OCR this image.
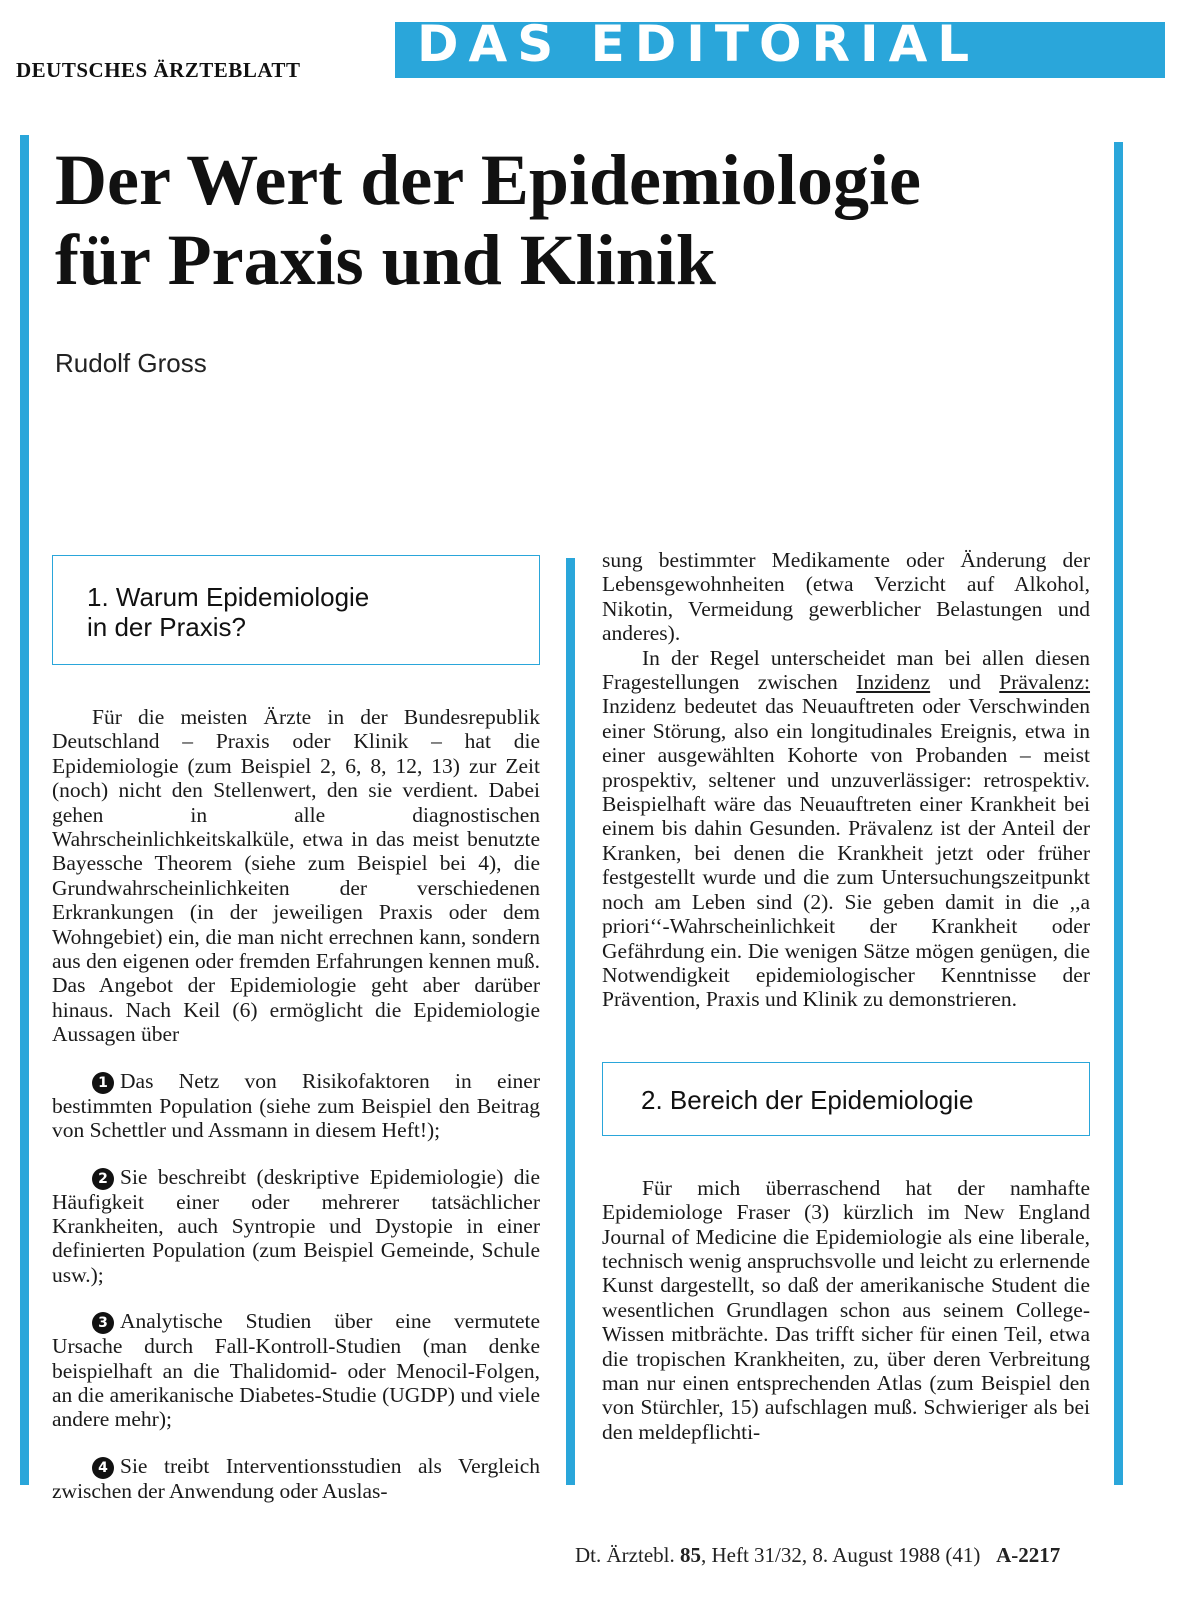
DEUTSCHES ÄRZTEBLATT DAS EDITORIAL
Der Wert der Epidemiologie
für Praxis und Klinik

Rudolf Gross

1. Warum Epidemiologie
in der Praxis?

Für die meisten Ärzte in der Bundesrepublik Deutschland – Praxis oder Klinik – hat die Epidemiologie (zum Beispiel 2, 6, 8, 12, 13) zur Zeit (noch) nicht den Stellenwert, den sie verdient. Dabei gehen in alle diagnostischen Wahrscheinlichkeitskalküle, etwa in das meist benutzte Bayessche Theorem (siehe zum Beispiel bei 4), die Grundwahrscheinlichkeiten der verschiedenen Erkrankungen (in der jeweiligen Praxis oder dem Wohngebiet) ein, die man nicht errechnen kann, sondern aus den eigenen oder fremden Erfahrungen kennen muß. Das Angebot der Epidemiologie geht aber darüber hinaus. Nach Keil (6) ermöglicht die Epidemiologie Aussagen über

1 Das Netz von Risikofaktoren in einer bestimmten Population (siehe zum Beispiel den Beitrag von Schettler und Assmann in diesem Heft!);

2 Sie beschreibt (deskriptive Epidemiologie) die Häufigkeit einer oder mehrerer tatsächlicher Krankheiten, auch Syntropie und Dystopie in einer definierten Population (zum Beispiel Gemeinde, Schule usw.);

3 Analytische Studien über eine vermutete Ursache durch Fall-Kontroll-Studien (man denke beispielhaft an die Thalidomid- oder Menocil-Folgen, an die amerikanische Diabetes-Studie (UGDP) und viele andere mehr);

4 Sie treibt Interventionsstudien als Vergleich zwischen der Anwendung oder Auslas-

sung bestimmter Medikamente oder Änderung der Lebensgewohnheiten (etwa Verzicht auf Alkohol, Nikotin, Vermeidung gewerblicher Belastungen und anderes).

In der Regel unterscheidet man bei allen diesen Fragestellungen zwischen Inzidenz und Prävalenz: Inzidenz bedeutet das Neuauftreten oder Verschwinden einer Störung, also ein longitudinales Ereignis, etwa in einer ausgewählten Kohorte von Probanden – meist prospektiv, seltener und unzuverlässiger: retrospektiv. Beispielhaft wäre das Neuauftreten einer Krankheit bei einem bis dahin Gesunden. Prävalenz ist der Anteil der Kranken, bei denen die Krankheit jetzt oder früher festgestellt wurde und die zum Untersuchungszeitpunkt noch am Leben sind (2). Sie geben damit in die ,,a priori‘‘-Wahrscheinlichkeit der Krankheit oder Gefährdung ein. Die wenigen Sätze mögen genügen, die Notwendigkeit epidemiologischer Kenntnisse der Prävention, Praxis und Klinik zu demonstrieren.

2. Bereich der Epidemiologie

Für mich überraschend hat der namhafte Epidemiologe Fraser (3) kürzlich im New England Journal of Medicine die Epidemiologie als eine liberale, technisch wenig anspruchsvolle und leicht zu erlernende Kunst dargestellt, so daß der amerikanische Student die wesentlichen Grundlagen schon aus seinem College-Wissen mitbrächte. Das trifft sicher für einen Teil, etwa die tropischen Krankheiten, zu, über deren Verbreitung man nur einen entsprechenden Atlas (zum Beispiel den von Stürchler, 15) aufschlagen muß. Schwieriger als bei den meldepflichti-

Dt. Ärztebl. 85, Heft 31/32, 8. August 1988 (41) A-2217
